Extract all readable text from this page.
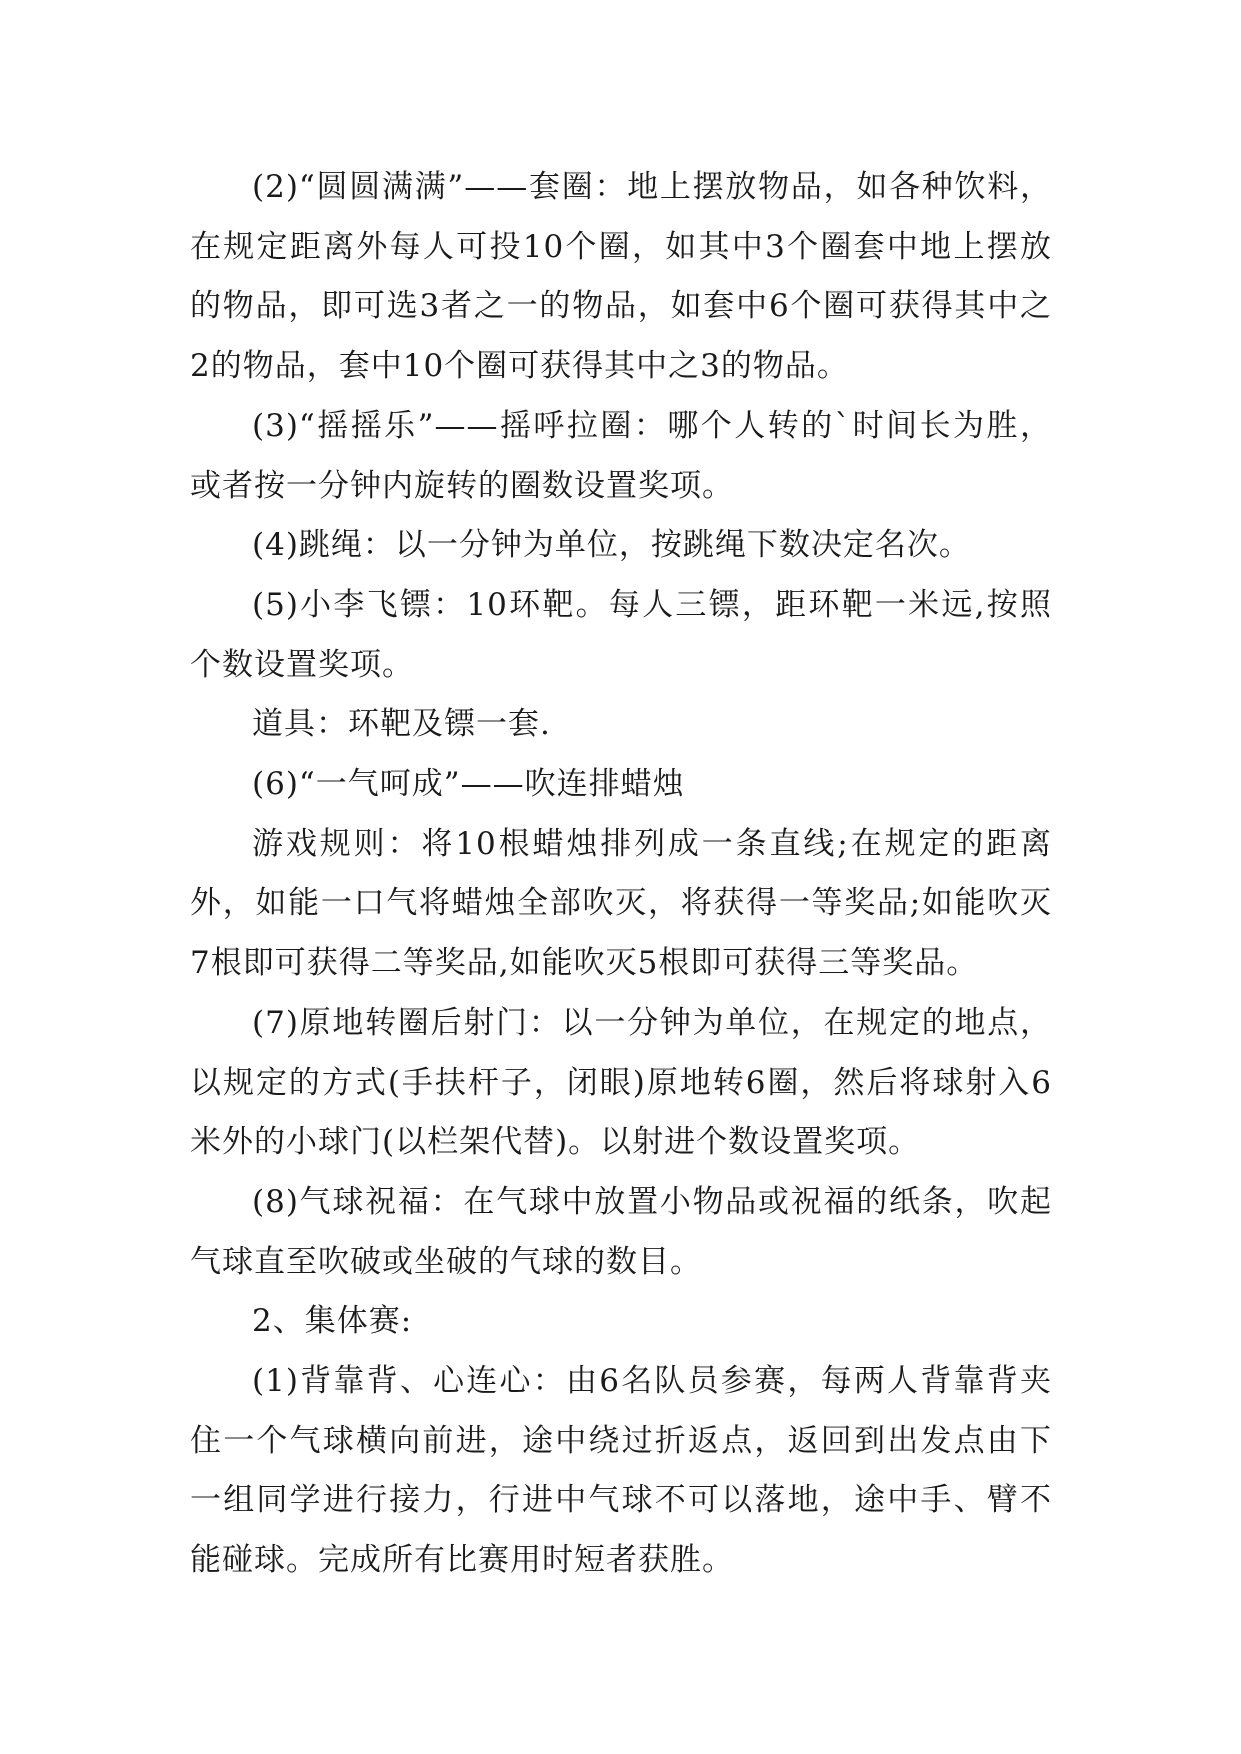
(2)“圆圆满满”——套圈：地上摆放物品，如各种饮料，在规定距离外每人可投10个圈，如其中3个圈套中地上摆放的物品，即可选3者之一的物品，如套中6个圈可获得其中之2的物品，套中10个圈可获得其中之3的物品。

(3)“摇摇乐”——摇呼拉圈：哪个人转的`时间长为胜，或者按一分钟内旋转的圈数设置奖项。

(4)跳绳：以一分钟为单位，按跳绳下数决定名次。

(5)小李飞镖：10环靶。每人三镖，距环靶一米远,按照个数设置奖项。

道具：环靶及镖一套.

(6)“一气呵成”——吹连排蜡烛

游戏规则：将10根蜡烛排列成一条直线;在规定的距离外，如能一口气将蜡烛全部吹灭，将获得一等奖品;如能吹灭7根即可获得二等奖品,如能吹灭5根即可获得三等奖品。

(7)原地转圈后射门：以一分钟为单位，在规定的地点，以规定的方式(手扶杆子，闭眼)原地转6圈，然后将球射入6米外的小球门(以栏架代替)。以射进个数设置奖项。

(8)气球祝福：在气球中放置小物品或祝福的纸条，吹起气球直至吹破或坐破的气球的数目。

2、集体赛:

(1)背靠背、心连心：由6名队员参赛，每两人背靠背夹住一个气球横向前进，途中绕过折返点，返回到出发点由下一组同学进行接力，行进中气球不可以落地，途中手、臂不能碰球。完成所有比赛用时短者获胜。
